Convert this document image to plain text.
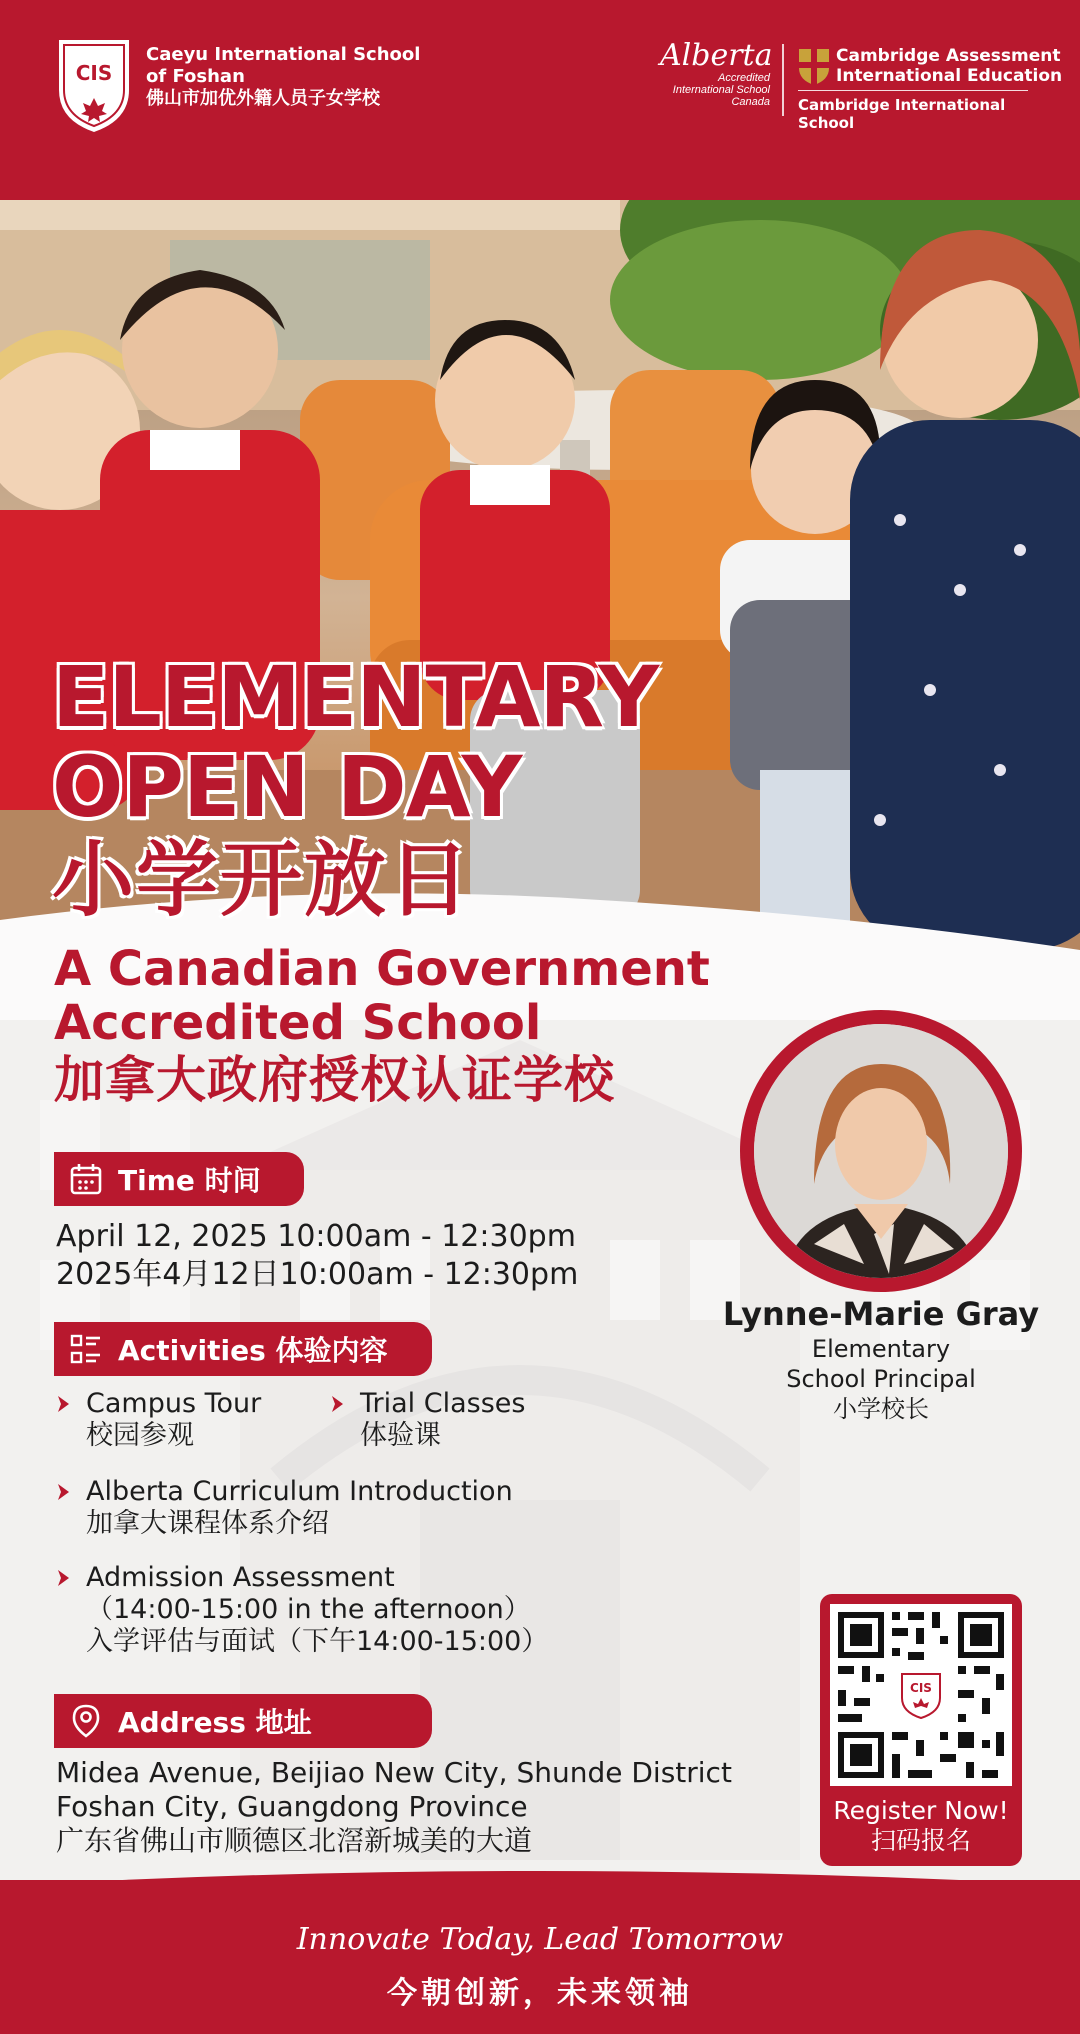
CIS
Caeyu International School
of Foshan
佛山市加优外籍人员子女学校
Alberta
Accredited
International School
Canada
Cambridge Assessment
International Education
Cambridge International School
ELEMENTARY
OPEN DAY
小学开放日
A Canadian Government
Accredited School
加拿大政府授权认证学校
Lynne-Marie Gray
Elementary
School Principal
小学校长
Time 时间
April 12, 2025 10:00am - 12:30pm
2025年4月12日10:00am - 12:30pm
Activities 体验内容
Campus Tour
校园参观
Trial Classes
体验课
Alberta Curriculum Introduction
加拿大课程体系介绍
Admission Assessment
（14:00-15:00 in the afternoon）
入学评估与面试（下午14:00-15:00）
Address 地址
Midea Avenue, Beijiao New City, Shunde District
Foshan City, Guangdong Province
广东省佛山市顺德区北滘新城美的大道
CIS
Register Now!
扫码报名
Innovate Today, Lead Tomorrow
今朝创新，未来领袖
